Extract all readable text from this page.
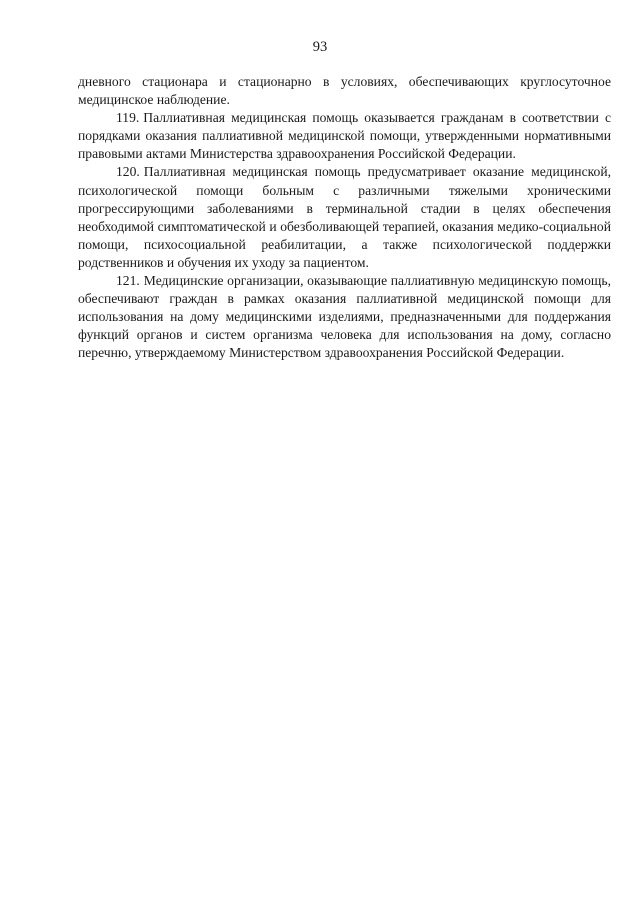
93

дневного стационара и стационарно в условиях, обеспечивающих круглосуточное медицинское наблюдение.

119. Паллиативная медицинская помощь оказывается гражданам в соответствии с порядками оказания паллиативной медицинской помощи, утвержденными нормативными правовыми актами Министерства здравоохранения Российской Федерации.

120. Паллиативная медицинская помощь предусматривает оказание медицинской, психологической помощи больным с различными тяжелыми хроническими прогрессирующими заболеваниями в терминальной стадии в целях обеспечения необходимой симптоматической и обезболивающей терапией, оказания медико-социальной помощи, психосоциальной реабилитации, а также психологической поддержки родственников и обучения их уходу за пациентом.

121. Медицинские организации, оказывающие паллиативную медицинскую помощь, обеспечивают граждан в рамках оказания паллиативной медицинской помощи для использования на дому медицинскими изделиями, предназначенными для поддержания функций органов и систем организма человека для использования на дому, согласно перечню, утверждаемому Министерством здравоохранения Российской Федерации.
